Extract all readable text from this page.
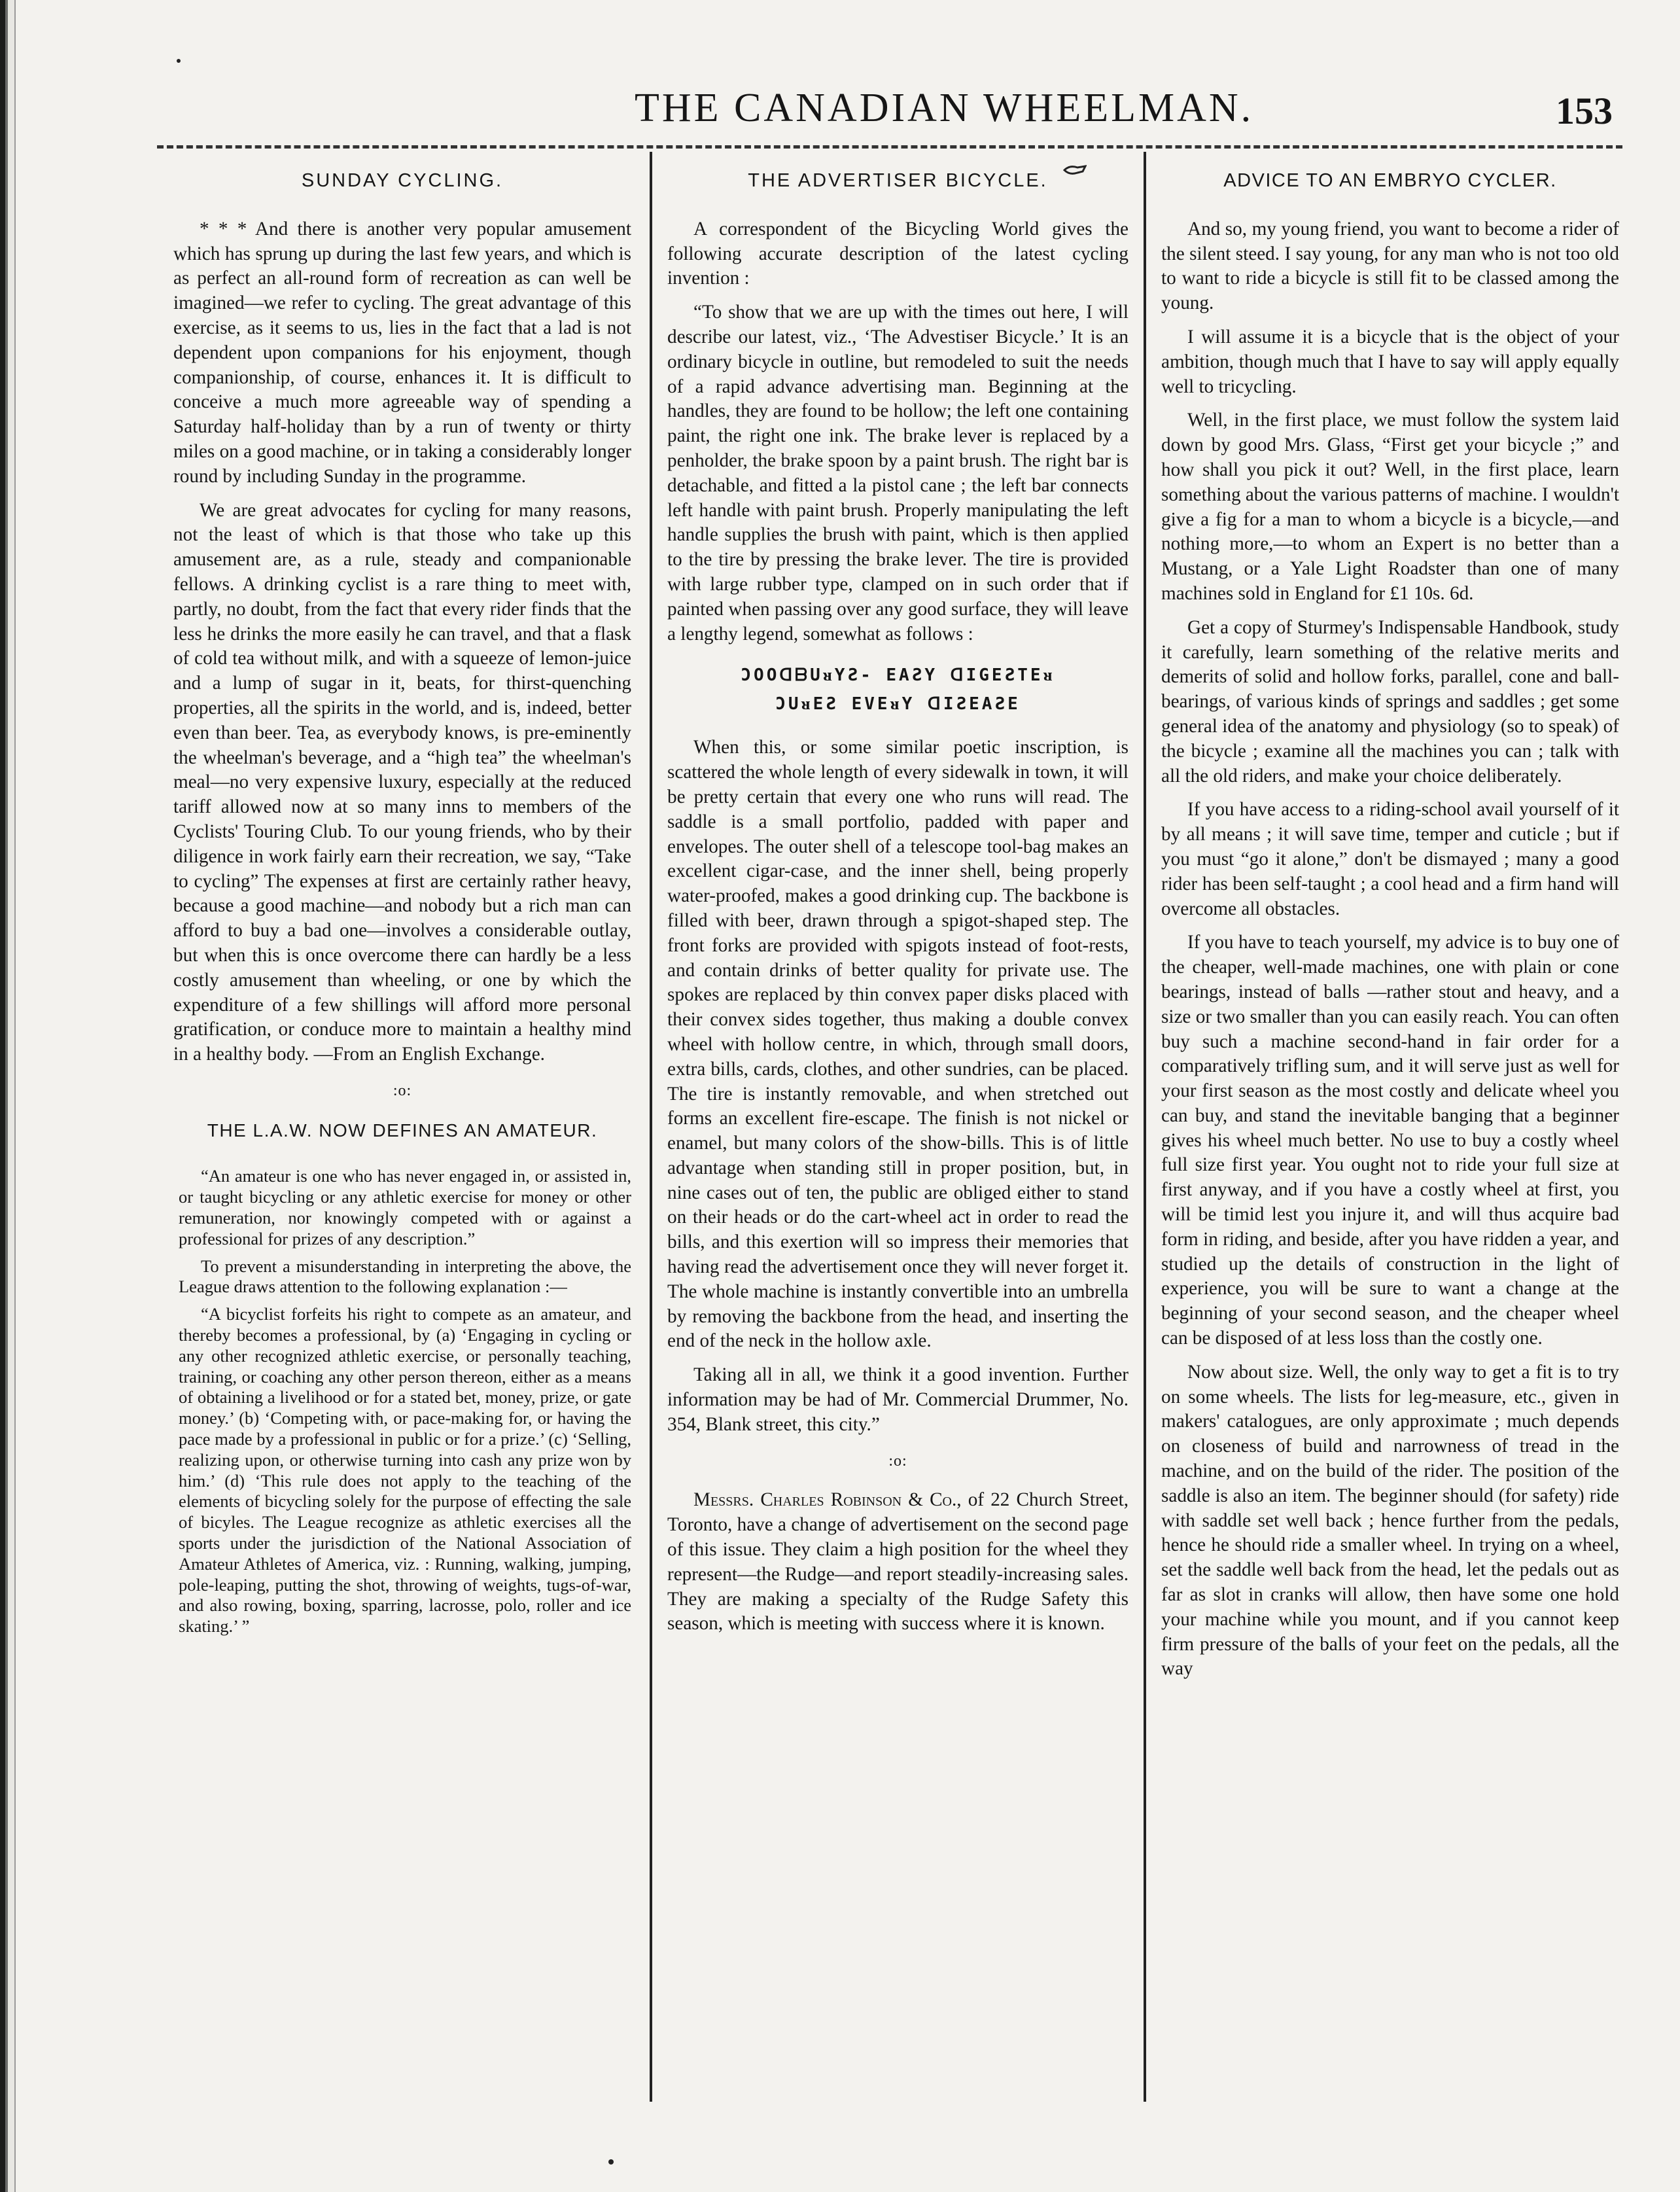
THE CANADIAN WHEELMAN.	153
SUNDAY CYCLING.

* * * And there is another very popular amusement which has sprung up during the last few years, and which is as perfect an all-round form of recreation as can well be imagined—we refer to cycling. The great advantage of this exercise, as it seems to us, lies in the fact that a lad is not dependent upon companions for his enjoyment, though companionship, of course, enhances it. It is difficult to conceive a much more agreeable way of spending a Saturday half-holiday than by a run of twenty or thirty miles on a good machine, or in taking a considerably longer round by including Sunday in the programme.

We are great advocates for cycling for many reasons, not the least of which is that those who take up this amusement are, as a rule, steady and companionable fellows. A drinking cyclist is a rare thing to meet with, partly, no doubt, from the fact that every rider finds that the less he drinks the more easily he can travel, and that a flask of cold tea without milk, and with a squeeze of lemon-juice and a lump of sugar in it, beats, for thirst-quenching properties, all the spirits in the world, and is, indeed, better even than beer. Tea, as everybody knows, is pre-eminently the wheelman's beverage, and a “high tea” the wheelman's meal—no very expensive luxury, especially at the reduced tariff allowed now at so many inns to members of the Cyclists' Touring Club. To our young friends, who by their diligence in work fairly earn their recreation, we say, “Take to cycling” The expenses at first are certainly rather heavy, because a good machine—and nobody but a rich man can afford to buy a bad one—involves a considerable outlay, but when this is once overcome there can hardly be a less costly amusement than wheeling, or one by which the expenditure of a few shillings will afford more personal gratification, or conduce more to maintain a healthy mind in a healthy body. —From an English Exchange.

:o:
THE L.A.W. NOW DEFINES AN AMATEUR.

“An amateur is one who has never engaged in, or assisted in, or taught bicycling or any athletic exercise for money or other remuneration, nor knowingly competed with or against a professional for prizes of any description.”

To prevent a misunderstanding in interpreting the above, the League draws attention to the following explanation :—

“A bicyclist forfeits his right to compete as an amateur, and thereby becomes a professional, by (a) ‘Engaging in cycling or any other recognized athletic exercise, or personally teaching, training, or coaching any other person thereon, either as a means of obtaining a livelihood or for a stated bet, money, prize, or gate money.’ (b) ‘Competing with, or pace-making for, or having the pace made by a professional in public or for a prize.’ (c) ‘Selling, realizing upon, or otherwise turning into cash any prize won by him.’ (d) ‘This rule does not apply to the teaching of the elements of bicycling solely for the purpose of effecting the sale of bicyles. The League recognize as athletic exercises all the sports under the jurisdiction of the National Association of Amateur Athletes of America, viz. : Running, walking, jumping, pole-leaping, putting the shot, throwing of weights, tugs-of-war, and also rowing, boxing, sparring, lacrosse, polo, roller and ice skating.’ ”

THE ADVERTISER BICYCLE.

A correspondent of the Bicycling World gives the following accurate description of the latest cycling invention :

“To show that we are up with the times out here, I will describe our latest, viz., ‘The Advestiser Bicycle.’ It is an ordinary bicycle in outline, but remodeled to suit the needs of a rapid advance advertising man. Beginning at the handles, they are found to be hollow; the left one containing paint, the right one ink. The brake lever is replaced by a penholder, the brake spoon by a paint brush. The right bar is detachable, and fitted a la pistol cane ; the left bar connects left handle with paint brush. Properly manipulating the left handle supplies the brush with paint, which is then applied to the tire by pressing the brake lever. The tire is provided with large rubber type, clamped on in such order that if painted when passing over any good surface, they will leave a lengthy legend, somewhat as follows :

ƆOOᗡᗷUᴚYƧ- EAƧY ᗡIGEƧTEᴚ
ƆUᴚEƧ EVEᴚY ᗡIƧEAƧE

When this, or some similar poetic inscription, is scattered the whole length of every sidewalk in town, it will be pretty certain that every one who runs will read. The saddle is a small portfolio, padded with paper and envelopes. The outer shell of a telescope tool-bag makes an excellent cigar-case, and the inner shell, being properly water-proofed, makes a good drinking cup. The backbone is filled with beer, drawn through a spigot-shaped step. The front forks are provided with spigots instead of foot-rests, and contain drinks of better quality for private use. The spokes are replaced by thin convex paper disks placed with their convex sides together, thus making a double convex wheel with hollow centre, in which, through small doors, extra bills, cards, clothes, and other sundries, can be placed. The tire is instantly removable, and when stretched out forms an excellent fire-escape. The finish is not nickel or enamel, but many colors of the show-bills. This is of little advantage when standing still in proper position, but, in nine cases out of ten, the public are obliged either to stand on their heads or do the cart-wheel act in order to read the bills, and this exertion will so impress their memories that having read the advertisement once they will never forget it. The whole machine is instantly convertible into an umbrella by removing the backbone from the head, and inserting the end of the neck in the hollow axle.

Taking all in all, we think it a good invention. Further information may be had of Mr. Commercial Drummer, No. 354, Blank street, this city.”

:o:

Messrs. Charles Robinson & Co., of 22 Church Street, Toronto, have a change of advertisement on the second page of this issue. They claim a high position for the wheel they represent—the Rudge—and report steadily-increasing sales. They are making a specialty of the Rudge Safety this season, which is meeting with success where it is known.

ADVICE TO AN EMBRYO CYCLER.

And so, my young friend, you want to become a rider of the silent steed. I say young, for any man who is not too old to want to ride a bicycle is still fit to be classed among the young.

I will assume it is a bicycle that is the object of your ambition, though much that I have to say will apply equally well to tricycling.

Well, in the first place, we must follow the system laid down by good Mrs. Glass, “First get your bicycle ;” and how shall you pick it out? Well, in the first place, learn something about the various patterns of machine. I wouldn't give a fig for a man to whom a bicycle is a bicycle,—and nothing more,—to whom an Expert is no better than a Mustang, or a Yale Light Roadster than one of many machines sold in England for £1 10s. 6d.

Get a copy of Sturmey's Indispensable Handbook, study it carefully, learn something of the relative merits and demerits of solid and hollow forks, parallel, cone and ball-bearings, of various kinds of springs and saddles ; get some general idea of the anatomy and physiology (so to speak) of the bicycle ; examine all the machines you can ; talk with all the old riders, and make your choice deliberately.

If you have access to a riding-school avail yourself of it by all means ; it will save time, temper and cuticle ; but if you must “go it alone,” don't be dismayed ; many a good rider has been self-taught ; a cool head and a firm hand will overcome all obstacles.

If you have to teach yourself, my advice is to buy one of the cheaper, well-made machines, one with plain or cone bearings, instead of balls —rather stout and heavy, and a size or two smaller than you can easily reach. You can often buy such a machine second-hand in fair order for a comparatively trifling sum, and it will serve just as well for your first season as the most costly and delicate wheel you can buy, and stand the inevitable banging that a beginner gives his wheel much better. No use to buy a costly wheel full size first year. You ought not to ride your full size at first anyway, and if you have a costly wheel at first, you will be timid lest you injure it, and will thus acquire bad form in riding, and beside, after you have ridden a year, and studied up the details of construction in the light of experience, you will be sure to want a change at the beginning of your second season, and the cheaper wheel can be disposed of at less loss than the costly one.

Now about size. Well, the only way to get a fit is to try on some wheels. The lists for leg-measure, etc., given in makers' catalogues, are only approximate ; much depends on closeness of build and narrowness of tread in the machine, and on the build of the rider. The position of the saddle is also an item. The beginner should (for safety) ride with saddle set well back ; hence further from the pedals, hence he should ride a smaller wheel. In trying on a wheel, set the saddle well back from the head, let the pedals out as far as slot in cranks will allow, then have some one hold your machine while you mount, and if you cannot keep firm pressure of the balls of your feet on the pedals, all the way
